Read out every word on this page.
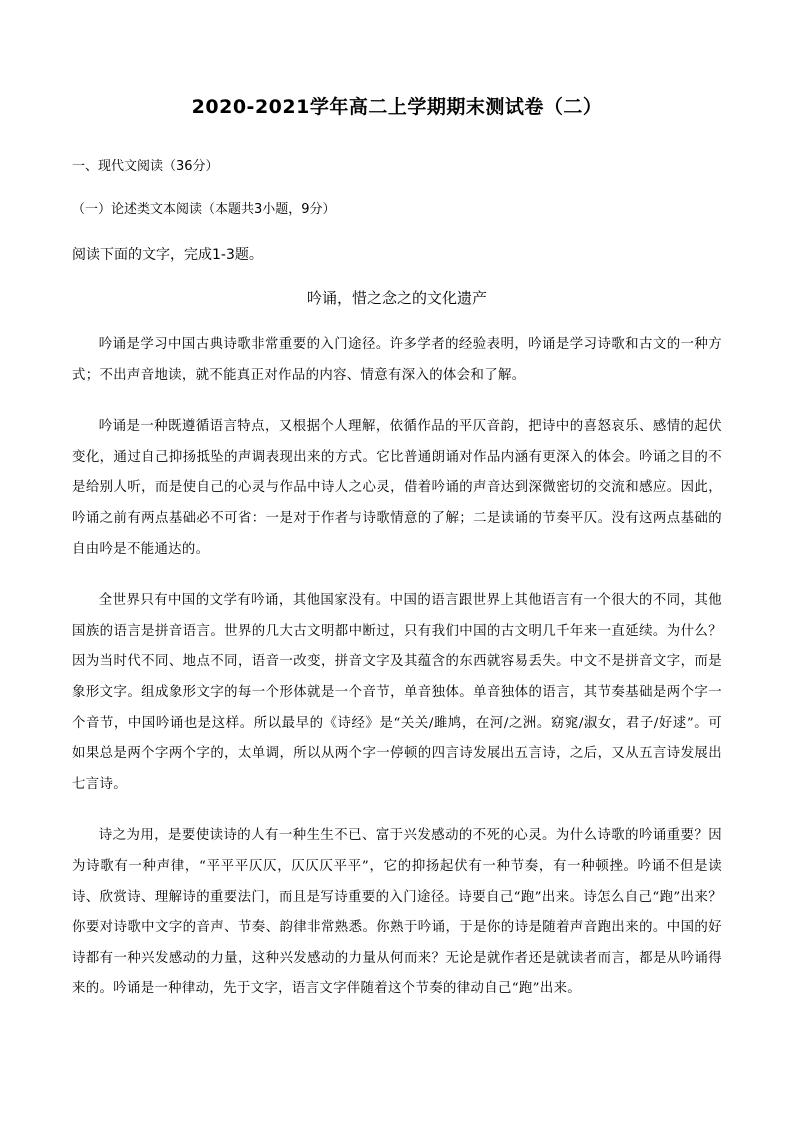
2020-2021学年高二上学期期末测试卷（二）
一、现代文阅读（36分）
（一）论述类文本阅读（本题共3小题，9分）
阅读下面的文字，完成1-3题。
吟诵，惜之念之的文化遗产

吟诵是学习中国古典诗歌非常重要的入门途径。许多学者的经验表明，吟诵是学习诗歌和古文的一种方式；不出声音地读，就不能真正对作品的内容、情意有深入的体会和了解。

吟诵是一种既遵循语言特点，又根据个人理解，依循作品的平仄音韵，把诗中的喜怒哀乐、感情的起伏变化，通过自己抑扬抵坠的声调表现出来的方式。它比普通朗诵对作品内涵有更深入的体会。吟诵之目的不是给别人听，而是使自己的心灵与作品中诗人之心灵，借着吟诵的声音达到深微密切的交流和感应。因此，吟诵之前有两点基础必不可省：一是对于作者与诗歌情意的了解；二是读诵的节奏平仄。没有这两点基础的自由吟是不能通达的。

全世界只有中国的文学有吟诵，其他国家没有。中国的语言跟世界上其他语言有一个很大的不同，其他国族的语言是拼音语言。世界的几大古文明都中断过，只有我们中国的古文明几千年来一直延续。为什么？因为当时代不同、地点不同，语音一改变，拼音文字及其蕴含的东西就容易丢失。中文不是拼音文字，而是象形文字。组成象形文字的每一个形体就是一个音节，单音独体。单音独体的语言，其节奏基础是两个字一个音节，中国吟诵也是这样。所以最早的《诗经》是“关关/雎鸠，在河/之洲。窈窕/淑女，君子/好逑”。可如果总是两个字两个字的，太单调，所以从两个字一停顿的四言诗发展出五言诗，之后，又从五言诗发展出七言诗。

诗之为用，是要使读诗的人有一种生生不已、富于兴发感动的不死的心灵。为什么诗歌的吟诵重要？因为诗歌有一种声律，“平平平仄仄，仄仄仄平平”，它的抑扬起伏有一种节奏，有一种顿挫。吟诵不但是读诗、欣赏诗、理解诗的重要法门，而且是写诗重要的入门途径。诗要自己“跑”出来。诗怎么自己“跑”出来？你要对诗歌中文字的音声、节奏、韵律非常熟悉。你熟于吟诵，于是你的诗是随着声音跑出来的。中国的好诗都有一种兴发感动的力量，这种兴发感动的力量从何而来？无论是就作者还是就读者而言，都是从吟诵得来的。吟诵是一种律动，先于文字，语言文字伴随着这个节奏的律动自己“跑”出来。
